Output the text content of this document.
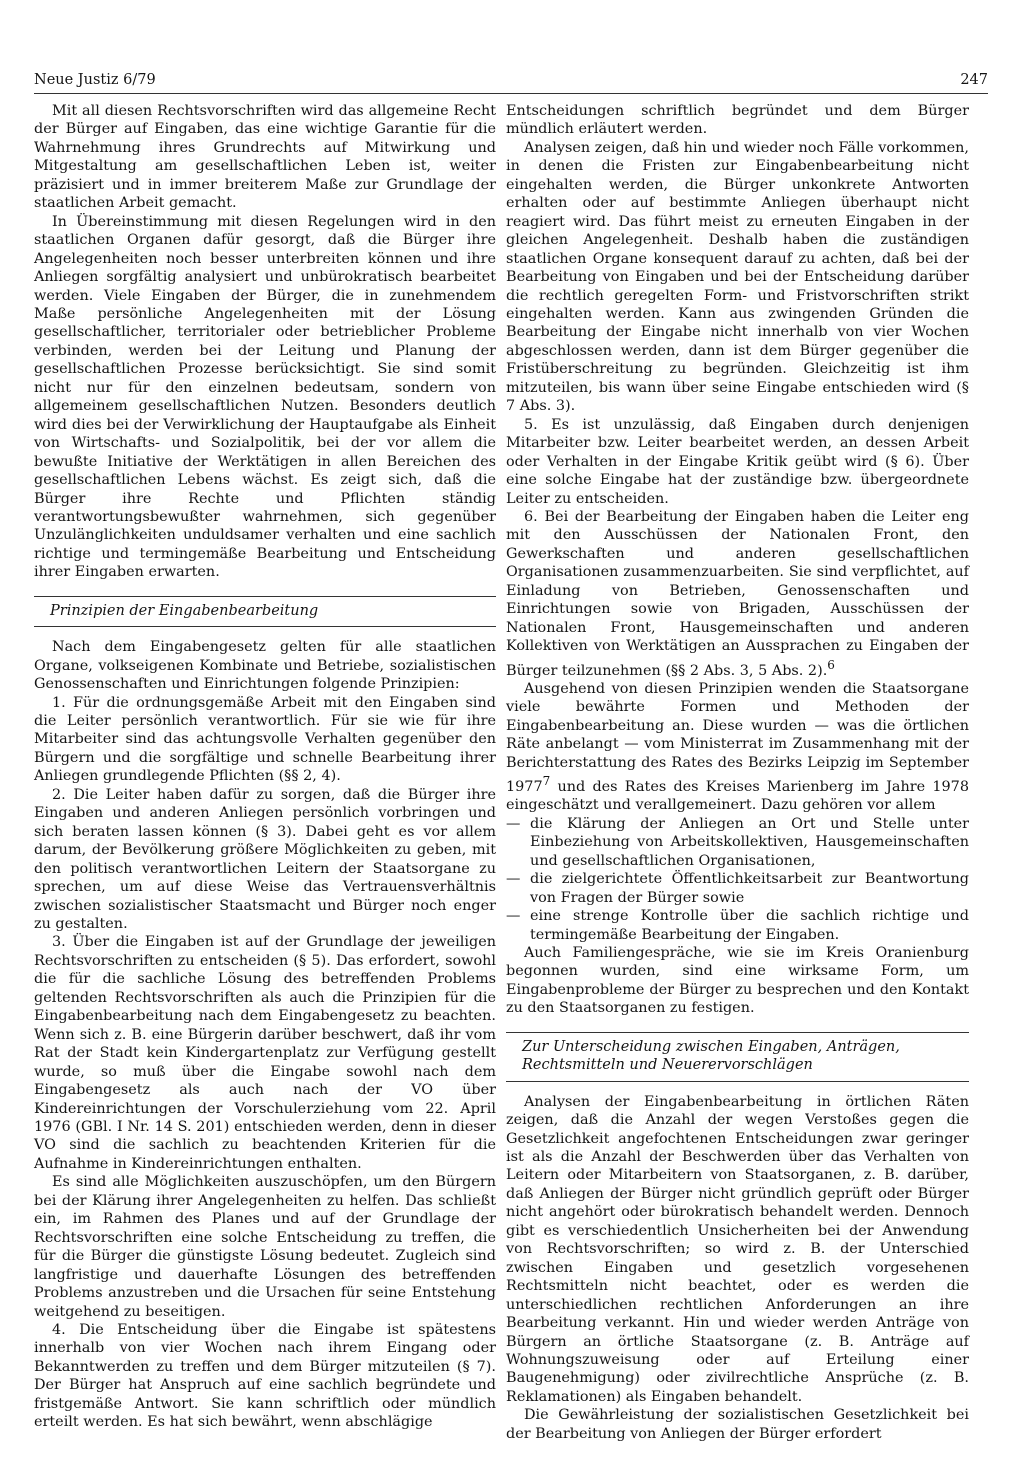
Neue Justiz 6/79	247

Mit all diesen Rechtsvorschriften wird das allgemeine Recht der Bürger auf Eingaben, das eine wichtige Garantie für die Wahrnehmung ihres Grundrechts auf Mitwirkung und Mitgestaltung am gesellschaftlichen Leben ist, weiter präzisiert und in immer breiterem Maße zur Grundlage der staatlichen Arbeit gemacht.

In Übereinstimmung mit diesen Regelungen wird in den staatlichen Organen dafür gesorgt, daß die Bürger ihre Angelegenheiten noch besser unterbreiten können und ihre Anliegen sorgfältig analysiert und unbürokratisch bearbeitet werden. Viele Eingaben der Bürger, die in zunehmendem Maße persönliche Angelegenheiten mit der Lösung gesellschaftlicher, territorialer oder betrieblicher Probleme verbinden, werden bei der Leitung und Planung der gesellschaftlichen Prozesse berücksichtigt. Sie sind somit nicht nur für den einzelnen bedeutsam, sondern von allgemeinem gesellschaftlichen Nutzen. Besonders deutlich wird dies bei der Verwirklichung der Hauptaufgabe als Einheit von Wirtschafts- und Sozialpolitik, bei der vor allem die bewußte Initiative der Werktätigen in allen Bereichen des gesellschaftlichen Lebens wächst. Es zeigt sich, daß die Bürger ihre Rechte und Pflichten ständig verantwortungsbewußter wahrnehmen, sich gegenüber Unzulänglichkeiten unduldsamer verhalten und eine sachlich richtige und termingemäße Bearbeitung und Entscheidung ihrer Eingaben erwarten.

Prinzipien der Eingabenbearbeitung

Nach dem Eingabengesetz gelten für alle staatlichen Organe, volkseigenen Kombinate und Betriebe, sozialistischen Genossenschaften und Einrichtungen folgende Prinzipien:

1. Für die ordnungsgemäße Arbeit mit den Eingaben sind die Leiter persönlich verantwortlich. Für sie wie für ihre Mitarbeiter sind das achtungsvolle Verhalten gegenüber den Bürgern und die sorgfältige und schnelle Bearbeitung ihrer Anliegen grundlegende Pflichten (§§ 2, 4).

2. Die Leiter haben dafür zu sorgen, daß die Bürger ihre Eingaben und anderen Anliegen persönlich vorbringen und sich beraten lassen können (§ 3). Dabei geht es vor allem darum, der Bevölkerung größere Möglichkeiten zu geben, mit den politisch verantwortlichen Leitern der Staatsorgane zu sprechen, um auf diese Weise das Vertrauensverhältnis zwischen sozialistischer Staatsmacht und Bürger noch enger zu gestalten.

3. Über die Eingaben ist auf der Grundlage der jeweiligen Rechtsvorschriften zu entscheiden (§ 5). Das erfordert, sowohl die für die sachliche Lösung des betreffenden Problems geltenden Rechtsvorschriften als auch die Prinzipien für die Eingabenbearbeitung nach dem Eingabengesetz zu beachten. Wenn sich z. B. eine Bürgerin darüber beschwert, daß ihr vom Rat der Stadt kein Kindergartenplatz zur Verfügung gestellt wurde, so muß über die Eingabe sowohl nach dem Eingabengesetz als auch nach der VO über Kindereinrichtungen der Vorschulerziehung vom 22. April 1976 (GBl. I Nr. 14 S. 201) entschieden werden, denn in dieser VO sind die sachlich zu beachtenden Kriterien für die Aufnahme in Kindereinrichtungen enthalten.

Es sind alle Möglichkeiten auszuschöpfen, um den Bürgern bei der Klärung ihrer Angelegenheiten zu helfen. Das schließt ein, im Rahmen des Planes und auf der Grundlage der Rechtsvorschriften eine solche Entscheidung zu treffen, die für die Bürger die günstigste Lösung bedeutet. Zugleich sind langfristige und dauerhafte Lösungen des betreffenden Problems anzustreben und die Ursachen für seine Entstehung weitgehend zu beseitigen.

4. Die Entscheidung über die Eingabe ist spätestens innerhalb von vier Wochen nach ihrem Eingang oder Bekanntwerden zu treffen und dem Bürger mitzuteilen (§ 7). Der Bürger hat Anspruch auf eine sachlich begründete und fristgemäße Antwort. Sie kann schriftlich oder mündlich erteilt werden. Es hat sich bewährt, wenn abschlägige

Entscheidungen schriftlich begründet und dem Bürger mündlich erläutert werden.

Analysen zeigen, daß hin und wieder noch Fälle vorkommen, in denen die Fristen zur Eingabenbearbeitung nicht eingehalten werden, die Bürger unkonkrete Antworten erhalten oder auf bestimmte Anliegen überhaupt nicht reagiert wird. Das führt meist zu erneuten Eingaben in der gleichen Angelegenheit. Deshalb haben die zuständigen staatlichen Organe konsequent darauf zu achten, daß bei der Bearbeitung von Eingaben und bei der Entscheidung darüber die rechtlich geregelten Form- und Fristvorschriften strikt eingehalten werden. Kann aus zwingenden Gründen die Bearbeitung der Eingabe nicht innerhalb von vier Wochen abgeschlossen werden, dann ist dem Bürger gegenüber die Fristüberschreitung zu begründen. Gleichzeitig ist ihm mitzuteilen, bis wann über seine Eingabe entschieden wird (§ 7 Abs. 3).

5. Es ist unzulässig, daß Eingaben durch denjenigen Mitarbeiter bzw. Leiter bearbeitet werden, an dessen Arbeit oder Verhalten in der Eingabe Kritik geübt wird (§ 6). Über eine solche Eingabe hat der zuständige bzw. übergeordnete Leiter zu entscheiden.

6. Bei der Bearbeitung der Eingaben haben die Leiter eng mit den Ausschüssen der Nationalen Front, den Gewerkschaften und anderen gesellschaftlichen Organisationen zusammenzuarbeiten. Sie sind verpflichtet, auf Einladung von Betrieben, Genossenschaften und Einrichtungen sowie von Brigaden, Ausschüssen der Nationalen Front, Hausgemeinschaften und anderen Kollektiven von Werktätigen an Aussprachen zu Eingaben der Bürger teilzunehmen (§§ 2 Abs. 3, 5 Abs. 2).$^6$

Ausgehend von diesen Prinzipien wenden die Staatsorgane viele bewährte Formen und Methoden der Eingabenbearbeitung an. Diese wurden — was die örtlichen Räte anbelangt — vom Ministerrat im Zusammenhang mit der Berichterstattung des Rates des Bezirks Leipzig im September 1977$^7$ und des Rates des Kreises Marienberg im Jahre 1978 eingeschätzt und verallgemeinert. Dazu gehören vor allem

— die Klärung der Anliegen an Ort und Stelle unter Einbeziehung von Arbeitskollektiven, Hausgemeinschaften und gesellschaftlichen Organisationen,
— die zielgerichtete Öffentlichkeitsarbeit zur Beantwortung von Fragen der Bürger sowie
— eine strenge Kontrolle über die sachlich richtige und termingemäße Bearbeitung der Eingaben.

Auch Familiengespräche, wie sie im Kreis Oranienburg begonnen wurden, sind eine wirksame Form, um Eingabenprobleme der Bürger zu besprechen und den Kontakt zu den Staatsorganen zu festigen.

Zur Unterscheidung zwischen Eingaben, Anträgen,
Rechtsmitteln und Neuerervorschlägen

Analysen der Eingabenbearbeitung in örtlichen Räten zeigen, daß die Anzahl der wegen Verstoßes gegen die Gesetzlichkeit angefochtenen Entscheidungen zwar geringer ist als die Anzahl der Beschwerden über das Verhalten von Leitern oder Mitarbeitern von Staatsorganen, z. B. darüber, daß Anliegen der Bürger nicht gründlich geprüft oder Bürger nicht angehört oder bürokratisch behandelt werden. Dennoch gibt es verschiedentlich Unsicherheiten bei der Anwendung von Rechtsvorschriften; so wird z. B. der Unterschied zwischen Eingaben und gesetzlich vorgesehenen Rechtsmitteln nicht beachtet, oder es werden die unterschiedlichen rechtlichen Anforderungen an ihre Bearbeitung verkannt. Hin und wieder werden Anträge von Bürgern an örtliche Staatsorgane (z. B. Anträge auf Wohnungszuweisung oder auf Erteilung einer Baugenehmigung) oder zivilrechtliche Ansprüche (z. B. Reklamationen) als Eingaben behandelt.

Die Gewährleistung der sozialistischen Gesetzlichkeit bei der Bearbeitung von Anliegen der Bürger erfordert
